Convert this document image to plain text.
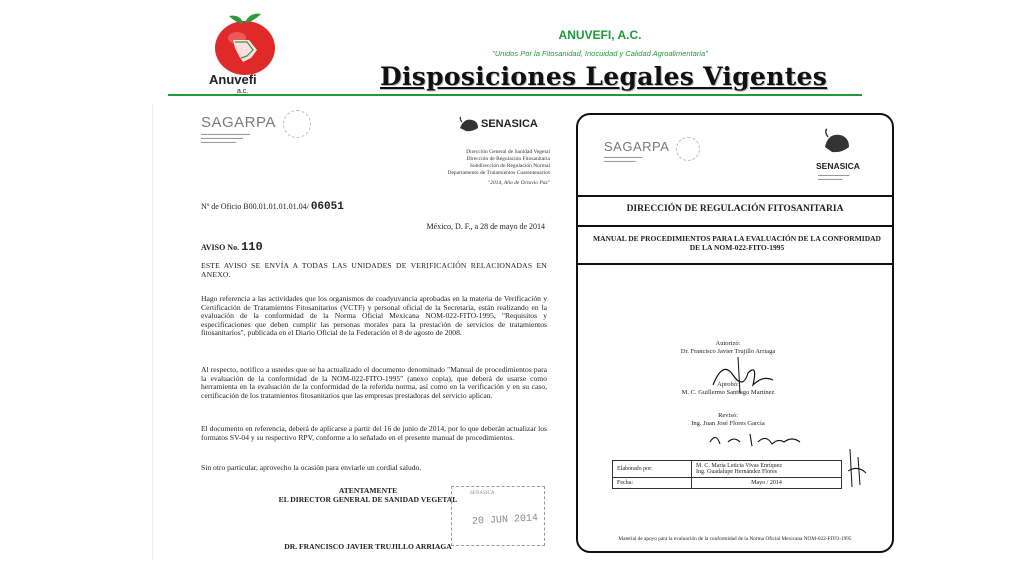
Anuvefi
a.c.
ANUVEFI, A.C.
"Unidos Por la Fitosanidad, Inocuidad y Calidad Agroalimentaria"
Disposiciones Legales Vigentes
SAGARPA
▬▬▬▬▬▬▬▬▬▬▬▬▬▬
▬▬▬▬▬▬▬▬▬▬▬▬
▬▬▬▬▬▬▬▬▬▬
SENASICA
Dirección General de Sanidad Vegetal
Dirección de Regulación Fitosanitaria
Subdirección de Regulación Normal
Departamento de Tratamientos Cuarentenarios
"2014, Año de Octavio Paz"
Nº de Oficio B00.01.01.01.01.04/ 06051
México, D. F., a 28 de mayo de 2014
AVISO No. 110
ESTE AVISO SE ENVÍA A TODAS LAS UNIDADES DE VERIFICACIÓN RELACIONADAS EN ANEXO.
Hago referencia a las actividades que los organismos de coadyuvancia aprobadas en la materia de Verificación y Certificación de Tratamientos Fitosanitarios (VCTF) y personal oficial de la Secretaría, están realizando en la evaluación de la conformidad de la Norma Oficial Mexicana NOM-022-FITO-1995, "Requisitos y especificaciones que deben cumplir las personas morales para la prestación de servicios de tratamientos fitosanitarios", publicada en el Diario Oficial de la Federación el 8 de agosto de 2008.
Al respecto, notifico a ustedes que se ha actualizado el documento denominado "Manual de procedimientos para la evaluación de la conformidad de la NOM-022-FITO-1995" (anexo copia), que deberá de usarse como herramienta en la evaluación de la conformidad de la referida norma, así como en la verificación y en su caso, certificación de los tratamientos fitosanitarios que las empresas prestadoras del servicio aplican.
El documento en referencia, deberá de aplicarse a partir del 16 de junio de 2014, por lo que deberán actualizar los formatos SV-04 y su respectivo RPV, conforme a lo señalado en el presente manual de procedimientos.
Sin otro particular, aprovecho la ocasión para enviarle un cordial saludo.
ATENTAMENTE
EL DIRECTOR GENERAL DE SANIDAD VEGETAL
SENASICA
20 JUN 2014
DR. FRANCISCO JAVIER TRUJILLO ARRIAGA
SAGARPA
▬▬▬▬▬▬▬▬▬▬▬
▬▬▬▬▬▬▬▬▬	SENASICA
▬▬▬▬▬▬▬▬▬
▬▬▬▬▬▬▬
DIRECCIÓN DE REGULACIÓN FITOSANITARIA
MANUAL DE PROCEDIMIENTOS PARA LA EVALUACIÓN DE LA CONFORMIDAD DE LA NOM-022-FITO-1995
Autorizó:
Dr. Francisco Javier Trujillo Arriaga
Aprobó:
M. C. Guillermo Santiago Martínez
Revisó:
Ing. Juan José Flores García
Elaborado por:	M. C. María Leticia Vivas Enríquez
Ing. Guadalupe Hernández Flores

Fecha:	Mayo / 2014
Material de apoyo para la evaluación de la conformidad de la Norma Oficial Mexicana NOM-022-FITO-1995
